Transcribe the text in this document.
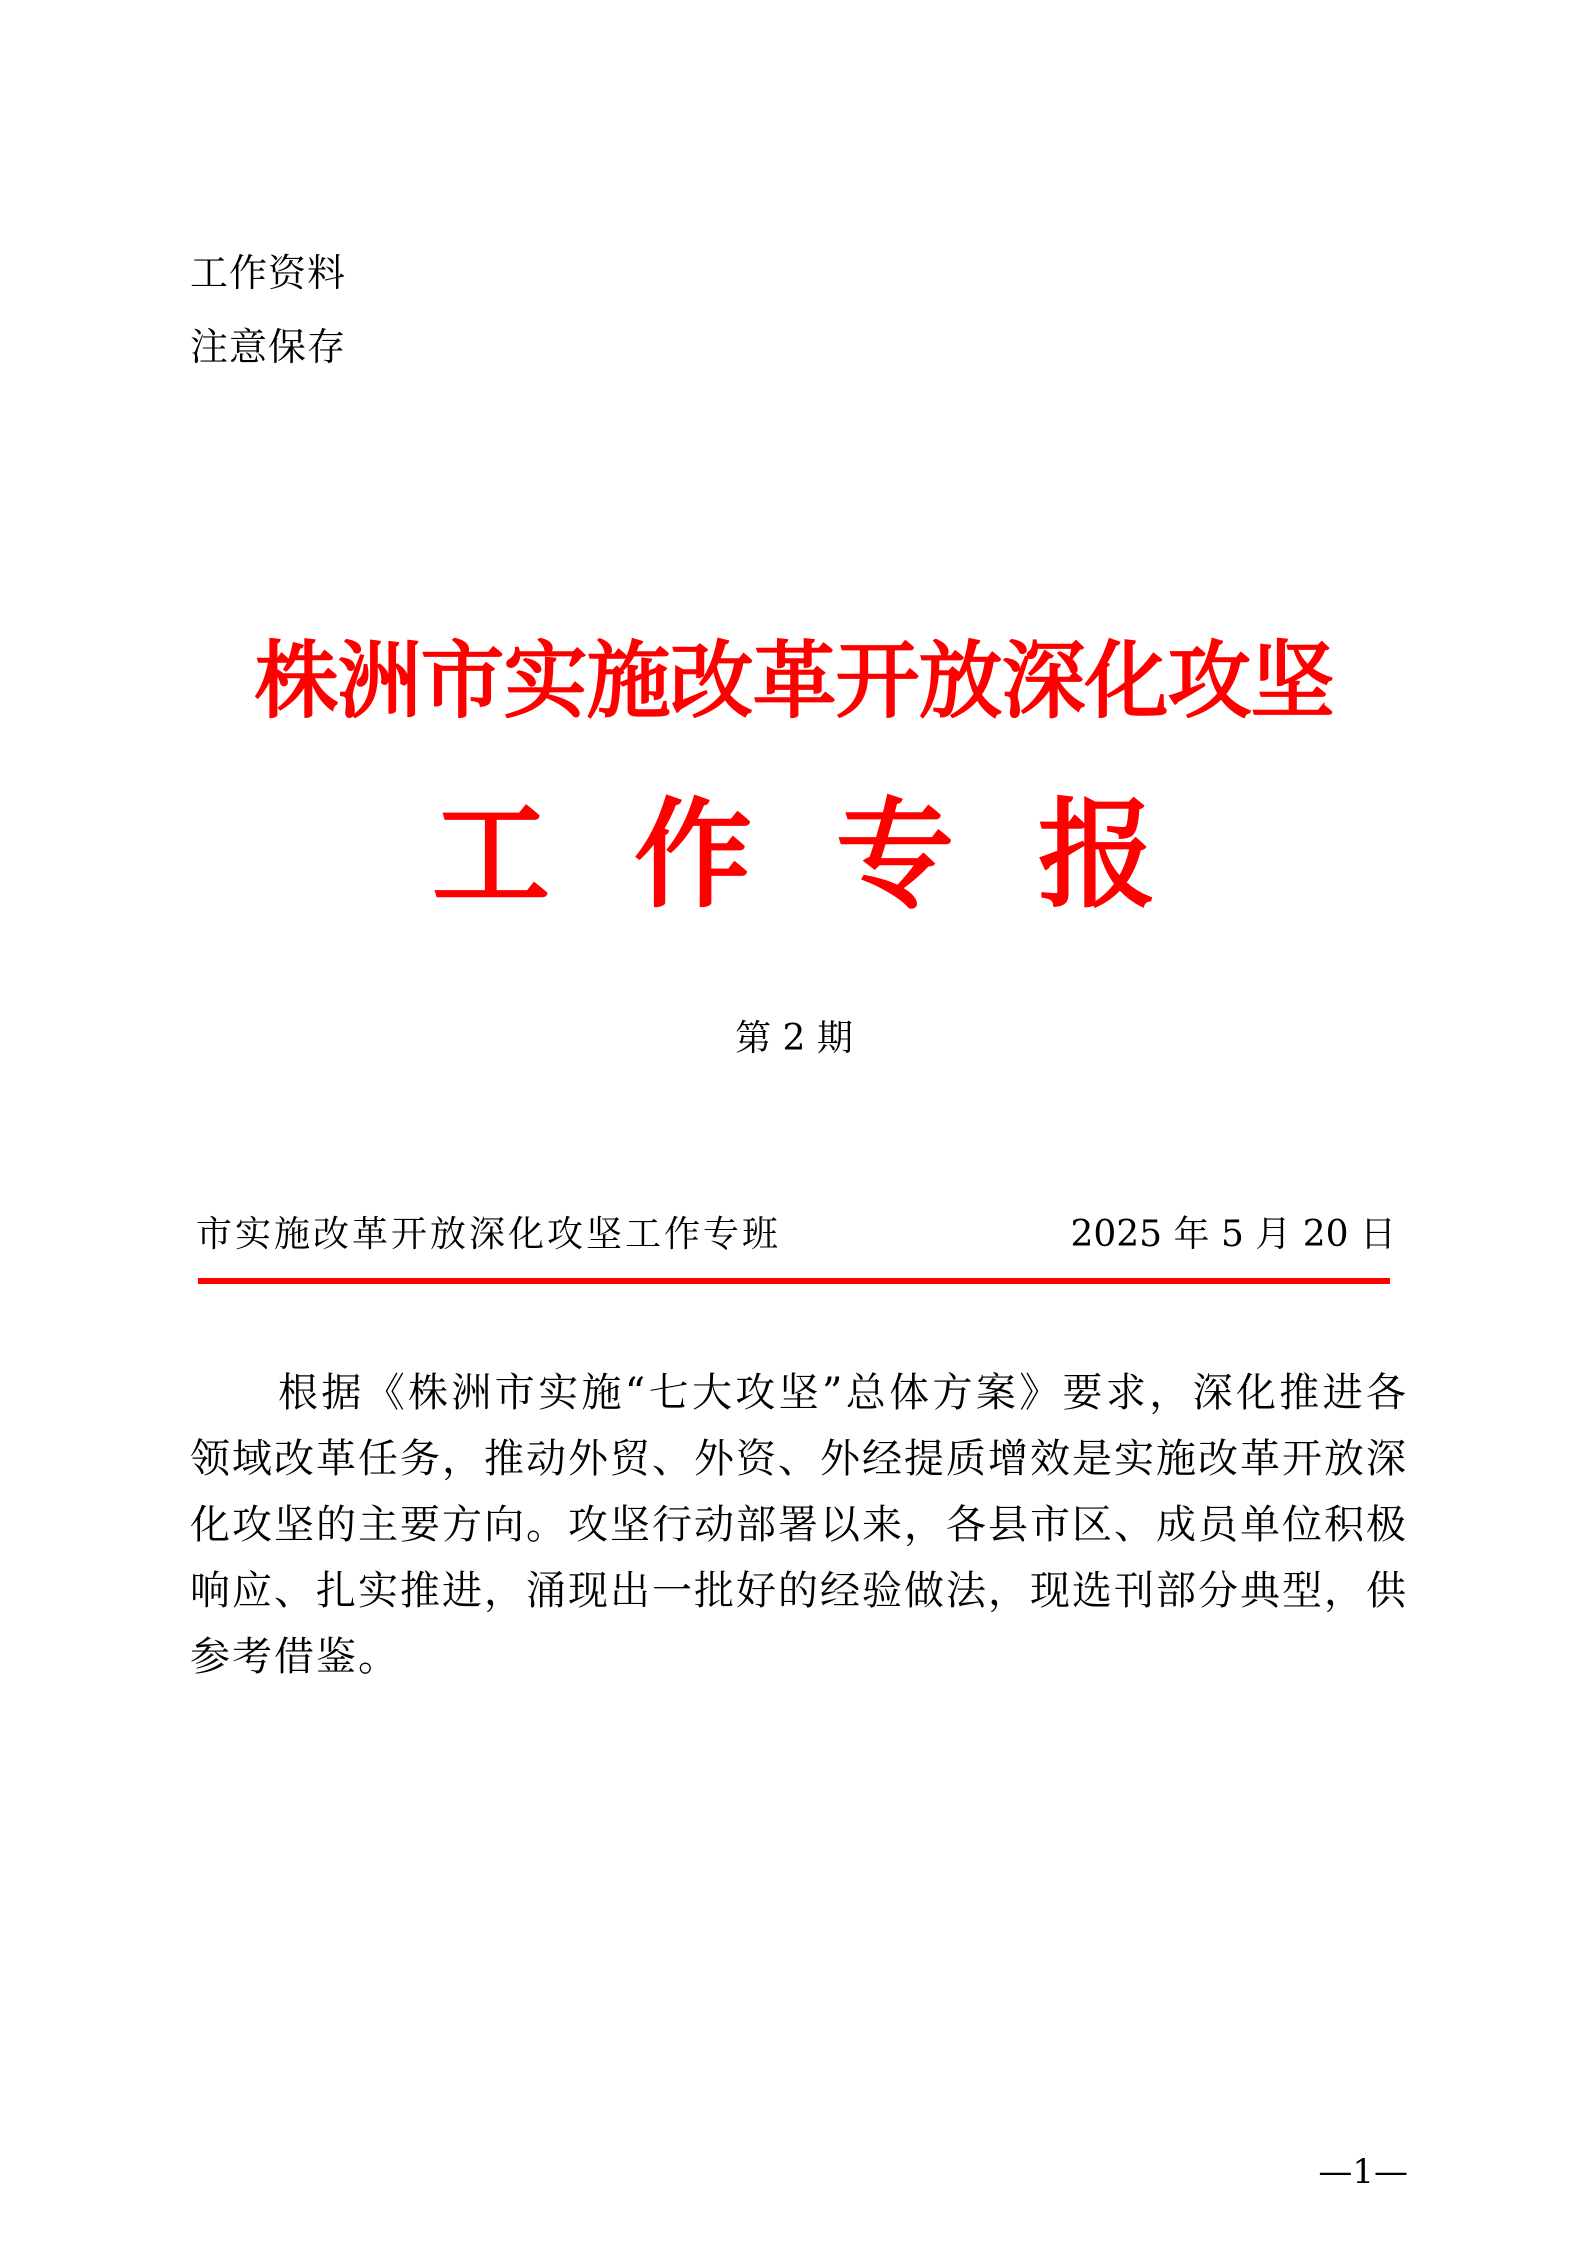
工作资料
注意保存
株洲市实施改革开放深化攻坚
工 作 专 报
第 2 期
市实施改革开放深化攻坚工作专班	2025 年 5 月 20 日

根据《株洲市实施“七大攻坚”总体方案》要求，深化推进各领域改革任务，推动外贸、外资、外经提质增效是实施改革开放深化攻坚的主要方向。攻坚行动部署以来，各县市区、成员单位积极响应、扎实推进，涌现出一批好的经验做法，现选刊部分典型，供参考借鉴。

—1—
